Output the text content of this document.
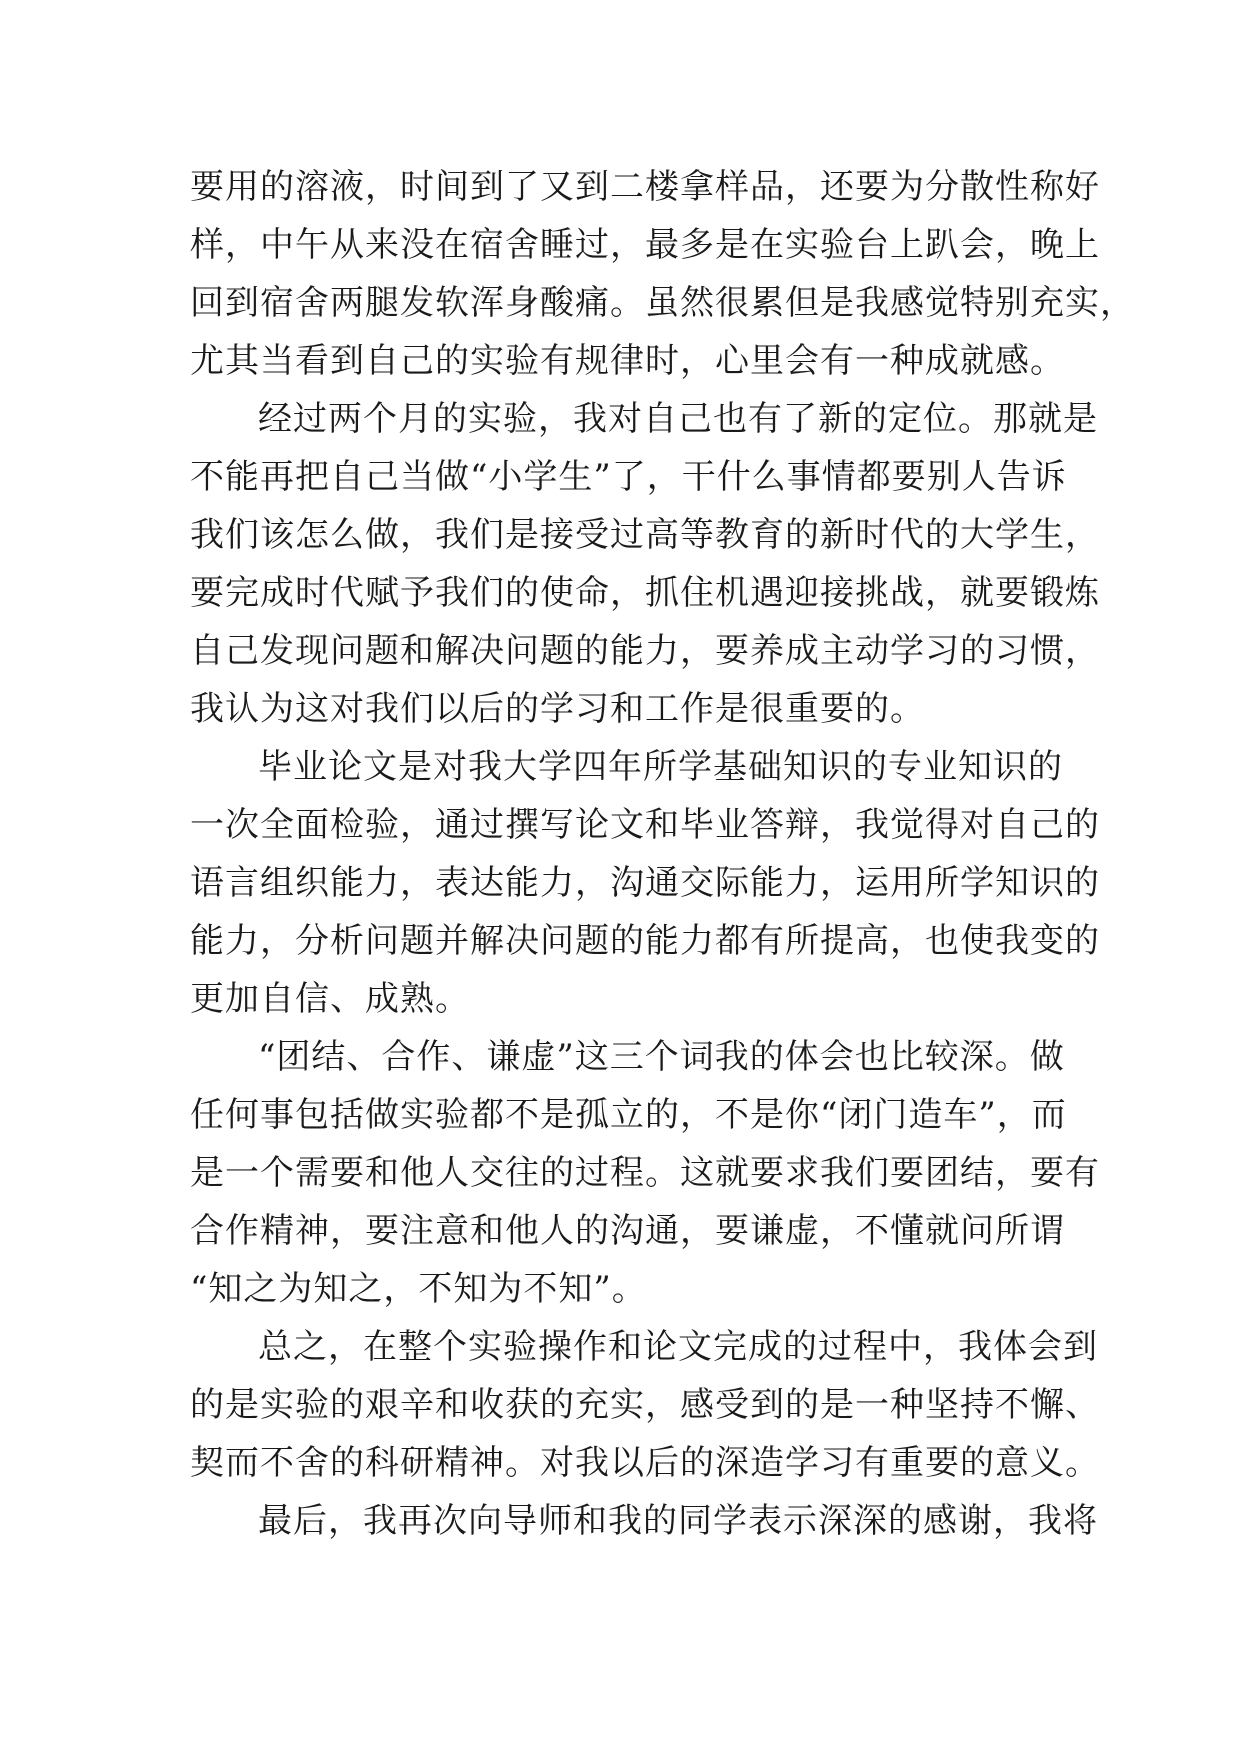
要用的溶液，时间到了又到二楼拿样品，还要为分散性称好
样，中午从来没在宿舍睡过，最多是在实验台上趴会，晚上
回到宿舍两腿发软浑身酸痛。虽然很累但是我感觉特别充实，
尤其当看到自己的实验有规律时，心里会有一种成就感。
经过两个月的实验，我对自己也有了新的定位。那就是
不能再把自己当做“小学生”了，干什么事情都要别人告诉
我们该怎么做，我们是接受过高等教育的新时代的大学生，
要完成时代赋予我们的使命，抓住机遇迎接挑战，就要锻炼
自己发现问题和解决问题的能力，要养成主动学习的习惯，
我认为这对我们以后的学习和工作是很重要的。
毕业论文是对我大学四年所学基础知识的专业知识的
一次全面检验，通过撰写论文和毕业答辩，我觉得对自己的
语言组织能力，表达能力，沟通交际能力，运用所学知识的
能力，分析问题并解决问题的能力都有所提高，也使我变的
更加自信、成熟。
“团结、合作、谦虚”这三个词我的体会也比较深。做
任何事包括做实验都不是孤立的，不是你“闭门造车”，而
是一个需要和他人交往的过程。这就要求我们要团结，要有
合作精神，要注意和他人的沟通，要谦虚，不懂就问所谓
“知之为知之，不知为不知”。
总之，在整个实验操作和论文完成的过程中，我体会到
的是实验的艰辛和收获的充实，感受到的是一种坚持不懈、
契而不舍的科研精神。对我以后的深造学习有重要的意义。
最后，我再次向导师和我的同学表示深深的感谢，我将
